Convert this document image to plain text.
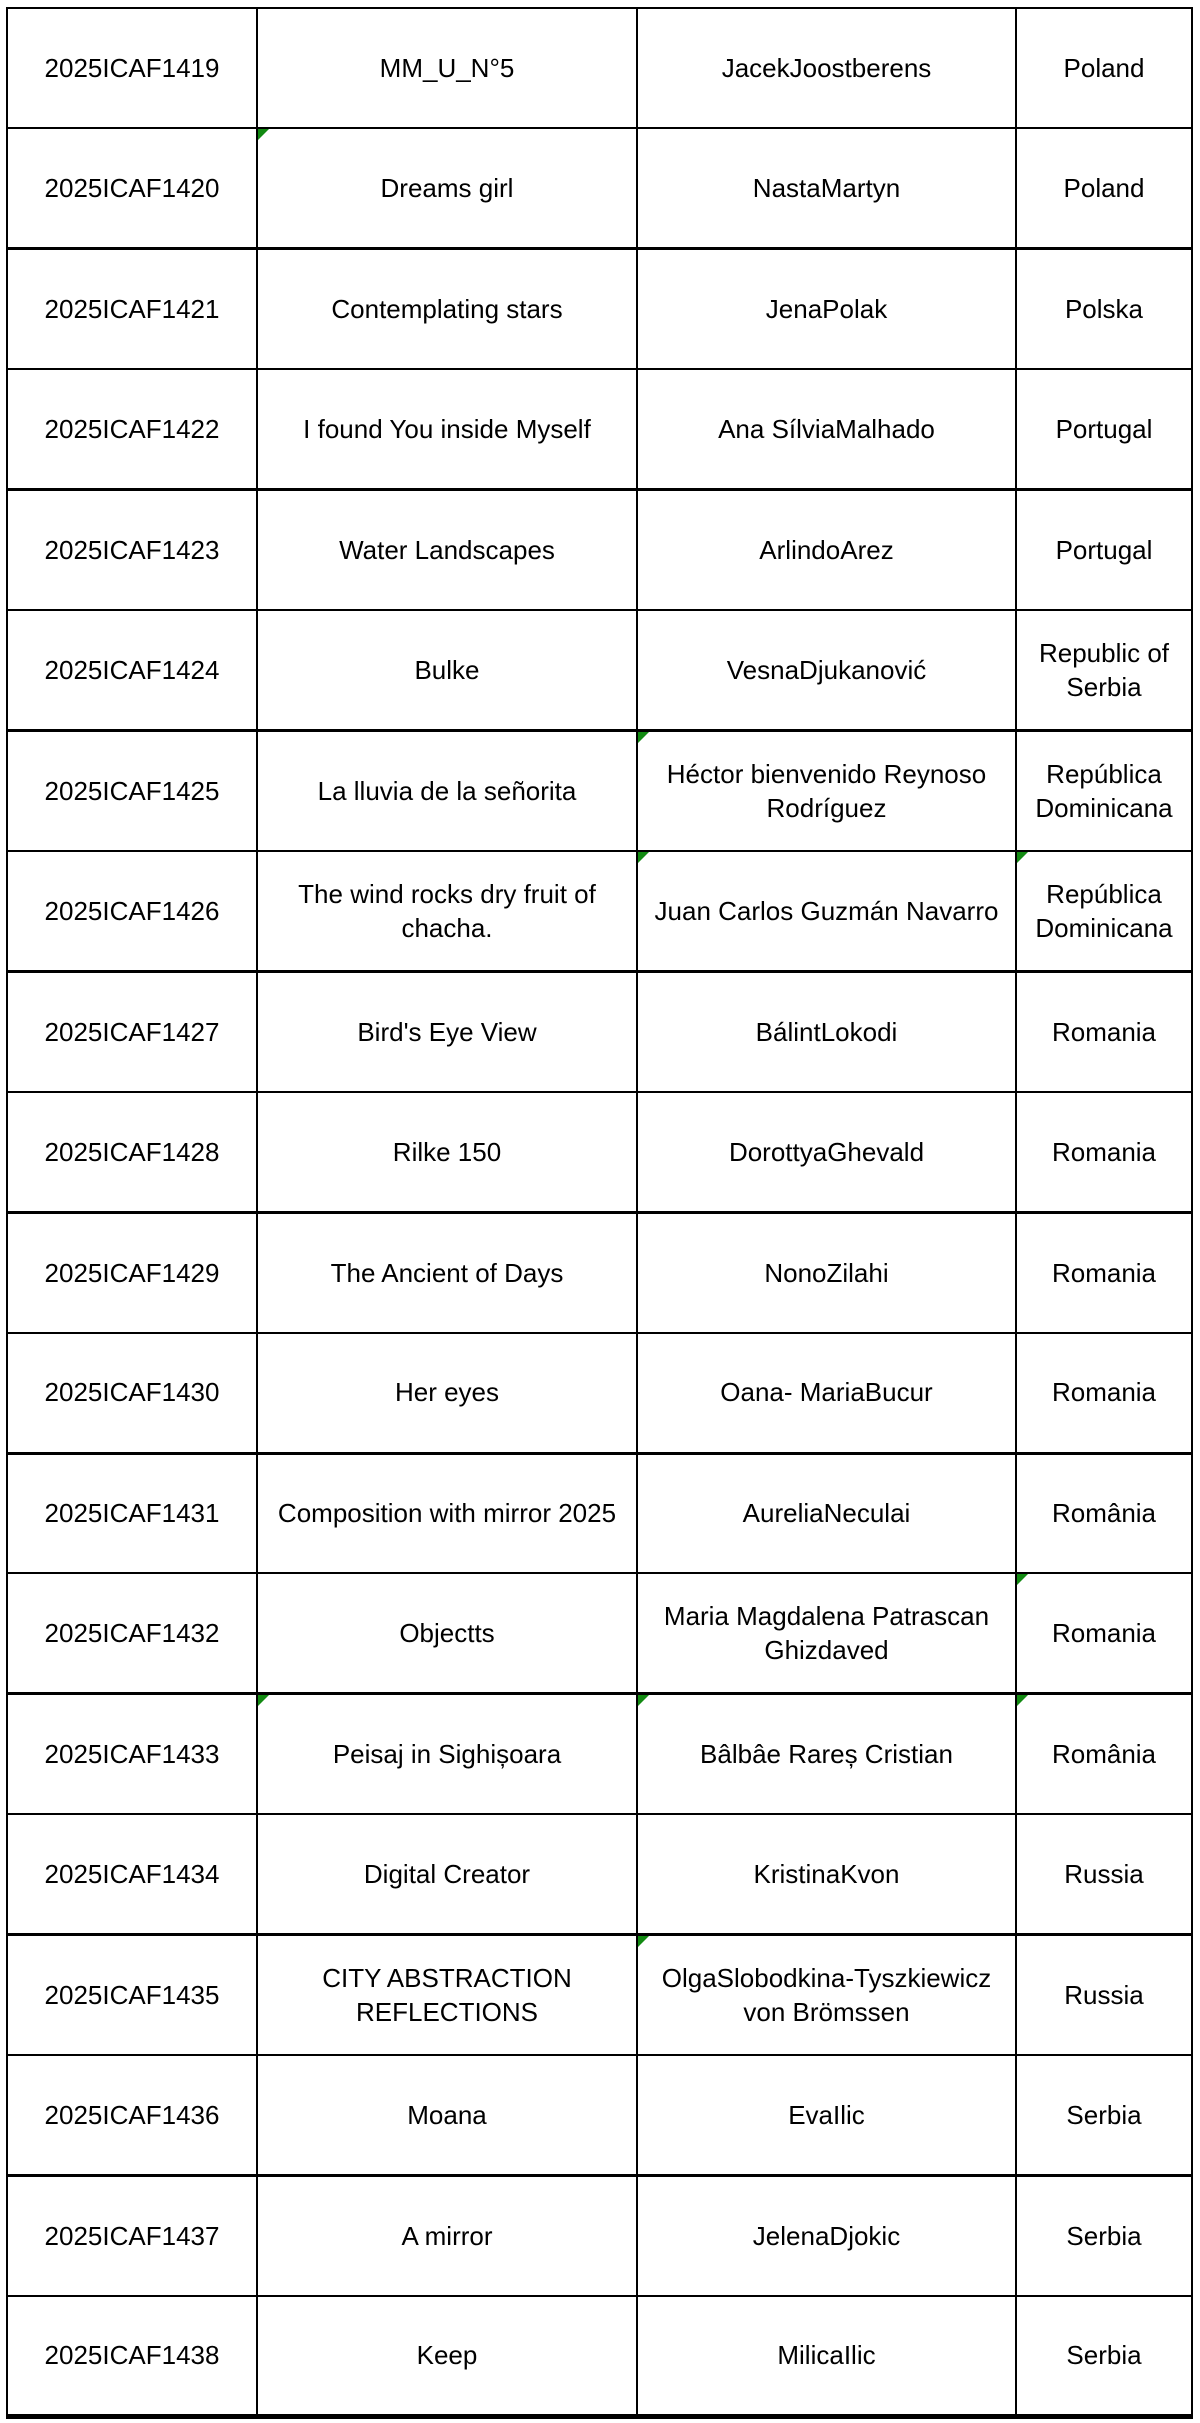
2025ICAF1419	MM_U_N°5	JacekJoostberens	Poland
2025ICAF1420	Dreams girl	NastaMartyn	Poland
2025ICAF1421	Contemplating stars	JenaPolak	Polska
2025ICAF1422	I found You inside Myself	Ana SílviaMalhado	Portugal
2025ICAF1423	Water Landscapes	ArlindoArez	Portugal
2025ICAF1424	Bulke	VesnaDjukanović	Republic of Serbia
2025ICAF1425	La lluvia de la señorita	Héctor bienvenido Reynoso Rodríguez	República Dominicana
2025ICAF1426	The wind rocks dry fruit of chacha.	Juan Carlos Guzmán Navarro	República Dominicana
2025ICAF1427	Bird's Eye View	BálintLokodi	Romania
2025ICAF1428	Rilke 150	DorottyaGhevald	Romania
2025ICAF1429	The Ancient of Days	NonoZilahi	Romania
2025ICAF1430	Her eyes	Oana- MariaBucur	Romania
2025ICAF1431	Composition with mirror 2025	AureliaNeculai	România
2025ICAF1432	Objectts	Maria Magdalena Patrascan Ghizdaved	Romania
2025ICAF1433	Peisaj in Sighișoara	Bâlbâe Rareș Cristian	România
2025ICAF1434	Digital Creator	KristinaKvon	Russia
2025ICAF1435	CITY ABSTRACTION REFLECTIONS	OlgaSlobodkina-Tyszkiewicz von Brömssen	Russia
2025ICAF1436	Moana	EvaIlic	Serbia
2025ICAF1437	A mirror	JelenaDjokic	Serbia
2025ICAF1438	Keep	MilicaIlic	Serbia
